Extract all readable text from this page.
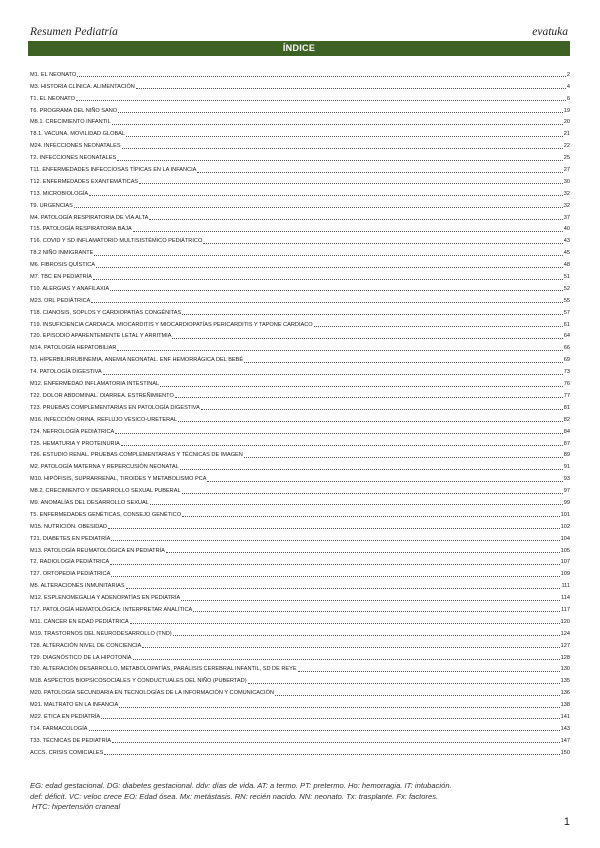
Resumen Pediatría	evatuka
ÍNDICE
M1. EL NEONATO	2
M3. HISTORIA CLÍNICA. ALIMENTACIÓN	4
T1. EL NEONATO	6
T6. PROGRAMA DEL NIÑO SANO	19
M8.1. CRECIMIENTO INFANTIL	20
T8.1. VACUNA. MOVILIDAD GLOBAL	21
M24. INFECCIONES NEONATALES	22
T2. INFECCIONES NEONATALES	25
T11. ENFERMEDADES INFECCIOSAS TÍPICAS EN LA INFANCIA	27
T12. ENFERMEDADES EXANTEMÁTICAS	30
T13. MICROBIOLOGÍA	32
T9. URGENCIAS	32
M4. PATOLOGÍA RESPIRATORIA DE VÍA ALTA	37
T15. PATOLOGÍA RESPIRATORIA BAJA	40
T16. COVID Y SD INFLAMATORIO MULTISISTÉMICO PEDIÁTRICO	43
T8.2 NIÑO INMIGRANTE	45
M6. FIBROSIS QUÍSTICA	48
M7. TBC EN PEDIATRÍA	51
T10. ALERGIAS Y ANAFILAXIA	52
M23. ORL PEDIÁTRICA	55
T18. CIANOSIS, SOPLOS Y CARDIOPATÍAS CONGÉNITAS	57
T19. INSUFICIENCIA CARDIACA. MIOCARDITIS Y MIOCARDIOPATÍAS PERICARDITIS Y TAPONE CARDIACO	61
T20. EPISODIO APARENTEMENTE LETAL Y ARRITMIA	64
M14. PATOLOGÍA HEPATOBILIAR	66
T3. HIPERBILIRRUBINEMIA, ANEMIA NEONATAL. ENF HEMORRÁGICA DEL BEBÉ	69
T4. PATOLOGÍA DIGESTIVA	73
M12. ENFERMEDAD INFLAMATORIA INTESTINAL	76
T22. DOLOR ABDOMINAL. DIARREA. ESTREÑIMIENTO	77
T23. PRUEBAS COMPLEMENTARIAS EN PATOLOGÍA DIGESTIVA	81
M16. INFECCIÓN ORINA. REFLUJO VESICO-URETERAL	82
T24. NEFROLOGÍA PEDIÁTRICA	84
T25. HEMATURIA Y PROTEINURIA	87
T26. ESTUDIO RENAL. PRUEBAS COMPLEMENTARIAS Y TÉCNICAS DE IMAGEN	89
M2. PATOLOGÍA MATERNA Y REPERCUSIÓN NEONATAL	91
M10. HIPÓFISIS, SUPRARRENAL, TIROIDES Y METABOLISMO PCA	93
M8.2. CRECIMIENTO Y DESARROLLO SEXUAL PUBERAL	97
M9. ANOMALÍAS DEL DESARROLLO SEXUAL	99
T5. ENFERMEDADES GENÉTICAS, CONSEJO GENÉTICO	101
M15. NUTRICIÓN. OBESIDAD	102
T21. DIABETES EN PEDIATRÍA	104
M13. PATOLOGÍA REUMATOLÓGICA EN PEDIATRÍA	105
T2. RADIOLOGÍA PEDIÁTRICA	107
T27. ORTOPEDIA PEDIÁTRICA	109
M5. ALTERACIONES INMUNITARIAS	111
M12. ESPLENOMEGALIA Y ADENOPATÍAS EN PEDIATRÍA	114
T17. PATOLOGÍA HEMATOLÓGICA: INTERPRETAR ANALÍTICA	117
M11. CÁNCER EN EDAD PEDIÁTRICA	120
M19. TRASTORNOS DEL NEURODESARROLLO (TND)	124
T28. ALTERACIÓN NIVEL DE CONCIENCIA	127
T29. DIAGNÓSTICO DE LA HIPOTONÍA	128
T30. ALTERACIÓN DESARROLLO, METABOLOPATÍAS, PARÁLISIS CEREBRAL INFANTIL, SD DE REYE	130
M18. ASPECTOS BIOPSICOSOCIALES Y CONDUCTUALES DEL NIÑO (PUBERTAD)	135
M20. PATOLOGÍA SECUNDARIA EN TECNOLOGÍAS DE LA INFORMACIÓN Y COMUNICACIÓN	136
M21. MALTRATO EN LA INFANCIA	138
M22. ÉTICA EN PEDIATRÍA	141
T14. FARMACOLOGÍA	143
T33. TÉCNICAS DE PEDIATRÍA	147
ACCS. CRISIS COMICIALES	150

EG: edad gestacional. DG: diabetes gestacional. ddv: días de vida. AT: a termo. PT: pretermo. Ho: hemorragia. IT: intubación.

def: déficit. VC: veloc crece EO: Edad ósea. Mx: metástasis. RN: recién nacido. NN: neonato. Tx: trasplante. Fx: factores.

HTC: hipertensión craneal

1
